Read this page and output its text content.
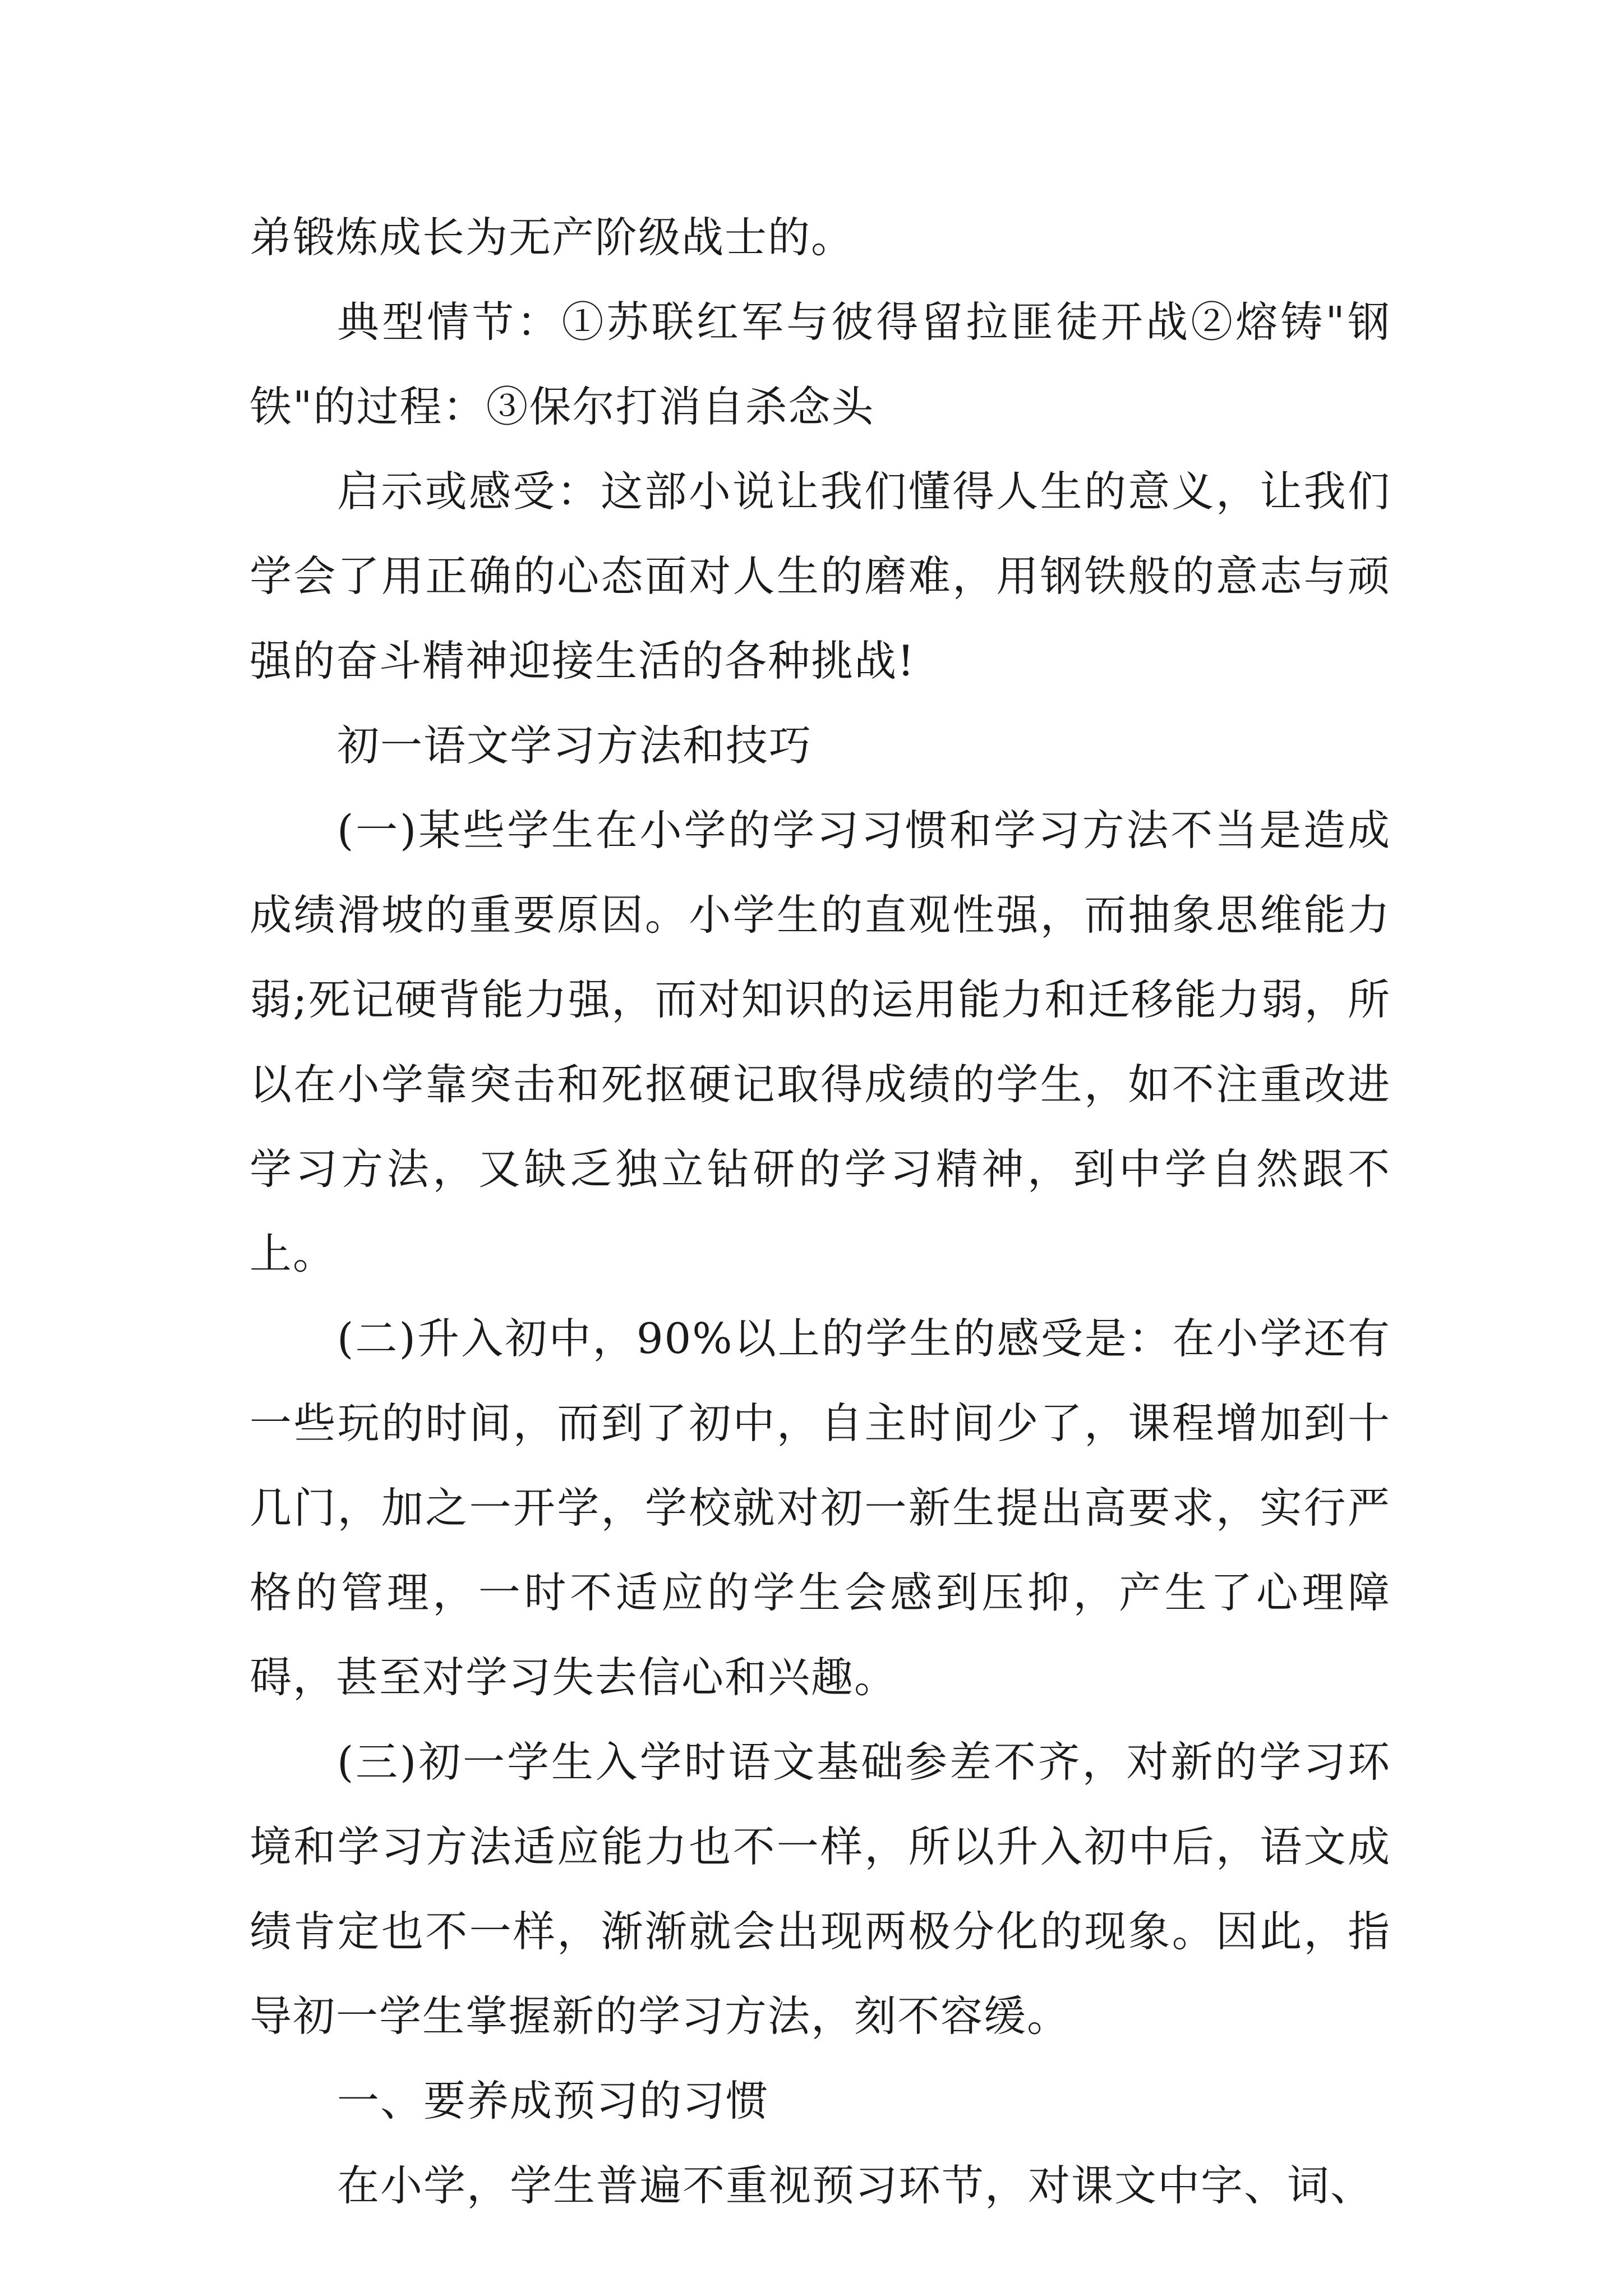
弟锻炼成长为无产阶级战士的。

典型情节：①苏联红军与彼得留拉匪徒开战②熔铸"钢铁"的过程：③保尔打消自杀念头

启示或感受：这部小说让我们懂得人生的意义，让我们学会了用正确的心态面对人生的磨难，用钢铁般的意志与顽强的奋斗精神迎接生活的各种挑战!

初一语文学习方法和技巧

(一)某些学生在小学的学习习惯和学习方法不当是造成成绩滑坡的重要原因。小学生的直观性强，而抽象思维能力弱;死记硬背能力强，而对知识的运用能力和迁移能力弱，所以在小学靠突击和死抠硬记取得成绩的学生，如不注重改进学习方法，又缺乏独立钻研的学习精神，到中学自然跟不上。

(二)升入初中，90%以上的学生的感受是：在小学还有一些玩的时间，而到了初中，自主时间少了，课程增加到十几门，加之一开学，学校就对初一新生提出高要求，实行严格的管理，一时不适应的学生会感到压抑，产生了心理障碍，甚至对学习失去信心和兴趣。

(三)初一学生入学时语文基础参差不齐，对新的学习环境和学习方法适应能力也不一样，所以升入初中后，语文成绩肯定也不一样，渐渐就会出现两极分化的现象。因此，指导初一学生掌握新的学习方法，刻不容缓。

一、要养成预习的习惯

在小学，学生普遍不重视预习环节，对课文中字、词、
